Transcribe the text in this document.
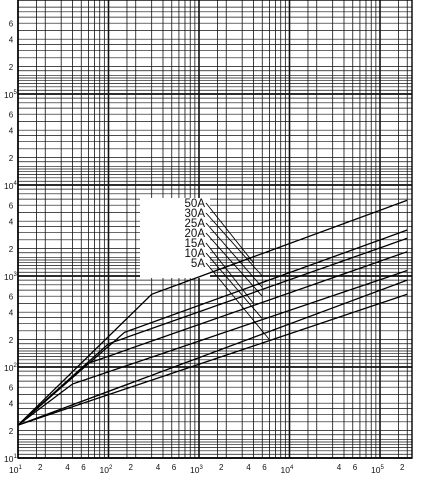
50A
30A
25A
20A
15A
10A
5A
2
4
6
2
4
6
2
4
6
2
4
6
2
4
6
$10^1$
$10^2$
$10^3$
$10^4$
$10^5$
2	4 6	2	4 6	2	4 6	4 6	2
$10^1$	$10^2$	$10^3$	$10^4$	$10^5$
